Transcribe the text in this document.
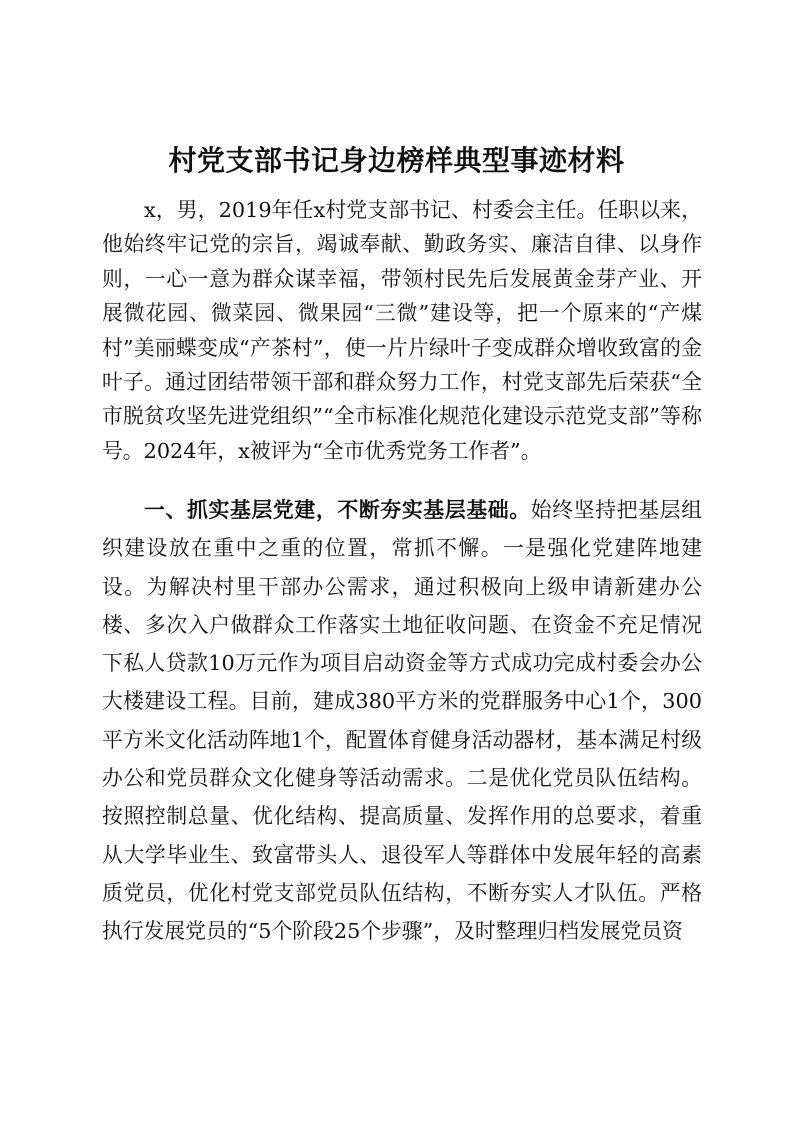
村党支部书记身边榜样典型事迹材料

x，男，2019年任x村党支部书记、村委会主任。任职以来，他始终牢记党的宗旨，竭诚奉献、勤政务实、廉洁自律、以身作则，一心一意为群众谋幸福，带领村民先后发展黄金芽产业、开展微花园、微菜园、微果园“三微”建设等，把一个原来的“产煤村”美丽蝶变成“产茶村”，使一片片绿叶子变成群众增收致富的金叶子。通过团结带领干部和群众努力工作，村党支部先后荣获“全市脱贫攻坚先进党组织”“全市标准化规范化建设示范党支部”等称号。2024年，x被评为“全市优秀党务工作者”。

一、抓实基层党建，不断夯实基层基础。始终坚持把基层组织建设放在重中之重的位置，常抓不懈。一是强化党建阵地建设。为解决村里干部办公需求，通过积极向上级申请新建办公楼、多次入户做群众工作落实土地征收问题、在资金不充足情况下私人贷款10万元作为项目启动资金等方式成功完成村委会办公大楼建设工程。目前，建成380平方米的党群服务中心1个，300平方米文化活动阵地1个，配置体育健身活动器材，基本满足村级办公和党员群众文化健身等活动需求。二是优化党员队伍结构。按照控制总量、优化结构、提高质量、发挥作用的总要求，着重从大学毕业生、致富带头人、退役军人等群体中发展年轻的高素质党员，优化村党支部党员队伍结构，不断夯实人才队伍。严格执行发展党员的“5个阶段25个步骤”，及时整理归档发展党员资
